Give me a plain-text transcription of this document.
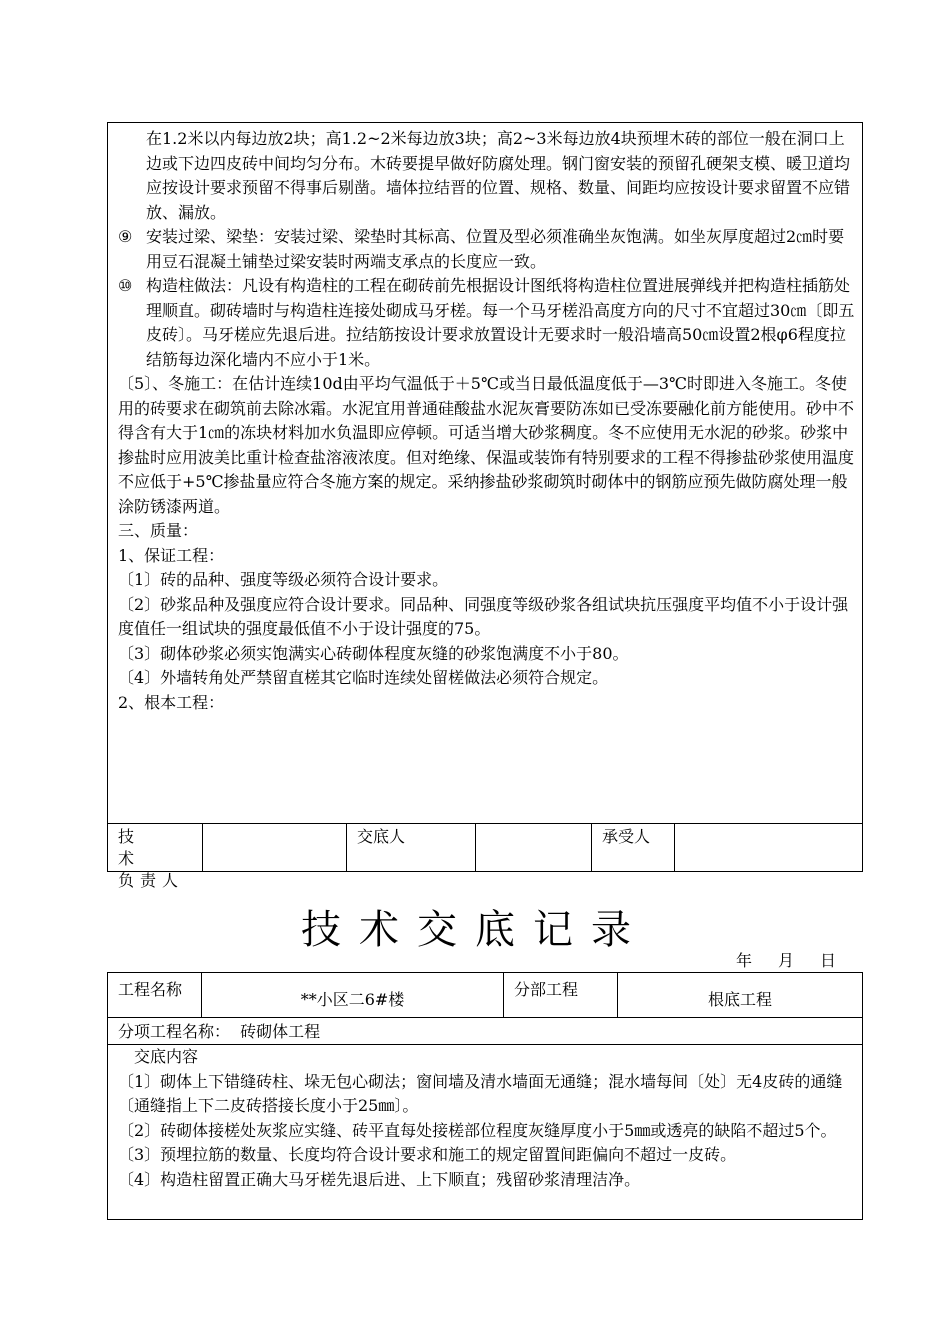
在1.2米以内每边放2块；高1.2~2米每边放3块；高2~3米每边放4块预埋木砖的部位一般在洞口上边或下边四皮砖中间均匀分布。木砖要提早做好防腐处理。钢门窗安装的预留孔硬架支模、暖卫道均应按设计要求预留不得事后剔凿。墙体拉结晋的位置、规格、数量、间距均应按设计要求留置不应错放、漏放。

⑨ 安装过梁、梁垫：安装过梁、梁垫时其标高、位置及型必须准确坐灰饱满。如坐灰厚度超过2㎝时要用豆石混凝土铺垫过梁安装时两端支承点的长度应一致。

⑩ 构造柱做法：凡设有构造柱的工程在砌砖前先根据设计图纸将构造柱位置进展弹线并把构造柱插筋处理顺直。砌砖墙时与构造柱连接处砌成马牙槎。每一个马牙槎沿高度方向的尺寸不宜超过30㎝〔即五皮砖〕。马牙槎应先退后进。拉结筋按设计要求放置设计无要求时一般沿墙高50㎝设置2根φ6程度拉结筋每边深化墙内不应小于1米。

〔5〕、冬施工：在估计连续10d由平均气温低于＋5℃或当日最低温度低于—3℃时即进入冬施工。冬使用的砖要求在砌筑前去除冰霜。水泥宜用普通硅酸盐水泥灰膏要防冻如已受冻要融化前方能使用。砂中不得含有大于1㎝的冻块材料加水负温即应停顿。可适当增大砂浆稠度。冬不应使用无水泥的砂浆。砂浆中掺盐时应用波美比重计检查盐溶液浓度。但对绝缘、保温或装饰有特别要求的工程不得掺盐砂浆使用温度不应低于+5℃掺盐量应符合冬施方案的规定。采纳掺盐砂浆砌筑时砌体中的钢筋应预先做防腐处理一般涂防锈漆两道。

三、质量：

1、保证工程：

〔1〕砖的品种、强度等级必须符合设计要求。

〔2〕砂浆品种及强度应符合设计要求。同品种、同强度等级砂浆各组试块抗压强度平均值不小于设计强度值任一组试块的强度最低值不小于设计强度的75。

〔3〕砌体砂浆必须实饱满实心砖砌体程度灰缝的砂浆饱满度不小于80。

〔4〕外墙转角处严禁留直槎其它临时连续处留槎做法必须符合规定。

2、根本工程：

技术
负责人
交底人	承受人
技术交底记录
年 月 日
工程名称
**小区二6#楼
分部工程
根底工程
分项工程名称：  砖砌体工程

交底内容

〔1〕砌体上下错缝砖柱、垛无包心砌法；窗间墙及清水墙面无通缝；混水墙每间〔处〕无4皮砖的通缝〔通缝指上下二皮砖搭接长度小于25㎜〕。

〔2〕砖砌体接槎处灰浆应实缝、砖平直每处接槎部位程度灰缝厚度小于5㎜或透亮的缺陷不超过5个。

〔3〕预埋拉筋的数量、长度均符合设计要求和施工的规定留置间距偏向不超过一皮砖。

〔4〕构造柱留置正确大马牙槎先退后进、上下顺直；残留砂浆清理洁净。
